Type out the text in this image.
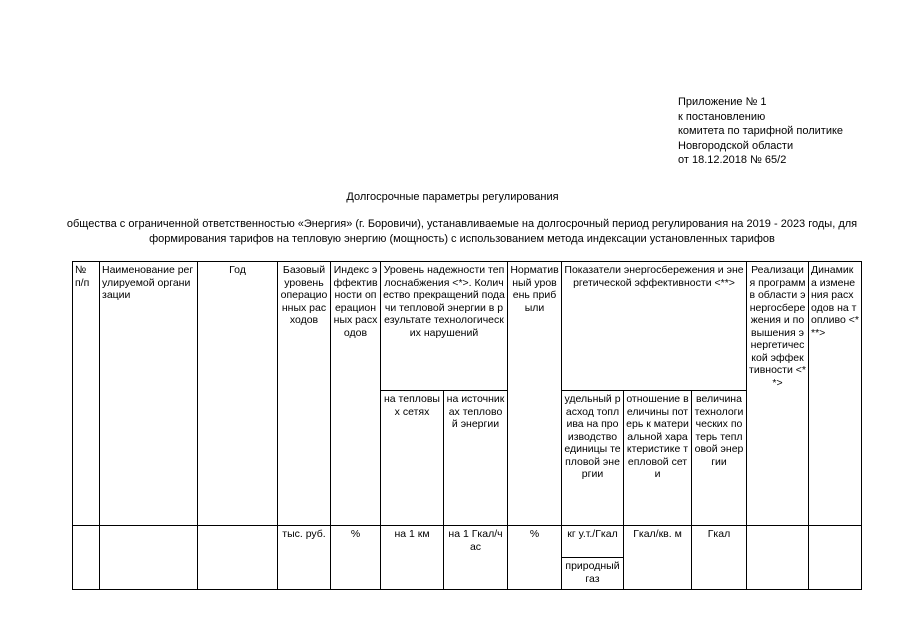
Приложение № 1
к постановлению
комитета по тарифной политике
Новгородской области
от 18.12.2018 № 65/2
Долгосрочные параметры регулирования
общества с ограниченной ответственностью «Энергия» (г. Боровичи), устанавливаемые на долгосрочный период регулирования на 2019 - 2023 годы, для формирования тарифов на тепловую энергию (мощность) с использованием метода индексации установленных тарифов
№ п/п	Наименование регулируемой организации	Год	Базовый уровень операционных расходов	Индекс эффективности операционных расходов	Уровень надежности теплоснабжения <*>. Количество прекращений подачи тепловой энергии в результате технологических нарушений		Нормативный уровень прибыли	Показатели энергосбережения и энергетической эффективности <**>			Реализация программ в области энергосбережения и повышения энергетической эффективности <**>	Динамика изменения расходов на топливо <***>
					на тепловых сетях	на источниках тепловой энергии		удельный расход топлива на производство единицы тепловой энергии	отношение величины потерь к материальной характеристике тепловой сети	величина технологических потерь тепловой энергии		
			тыс. руб.	%	на 1 км	на 1 Гкал/час	%	кг у.т./Гкал	Гкал/кв. м	Гкал		
								природный газ				
